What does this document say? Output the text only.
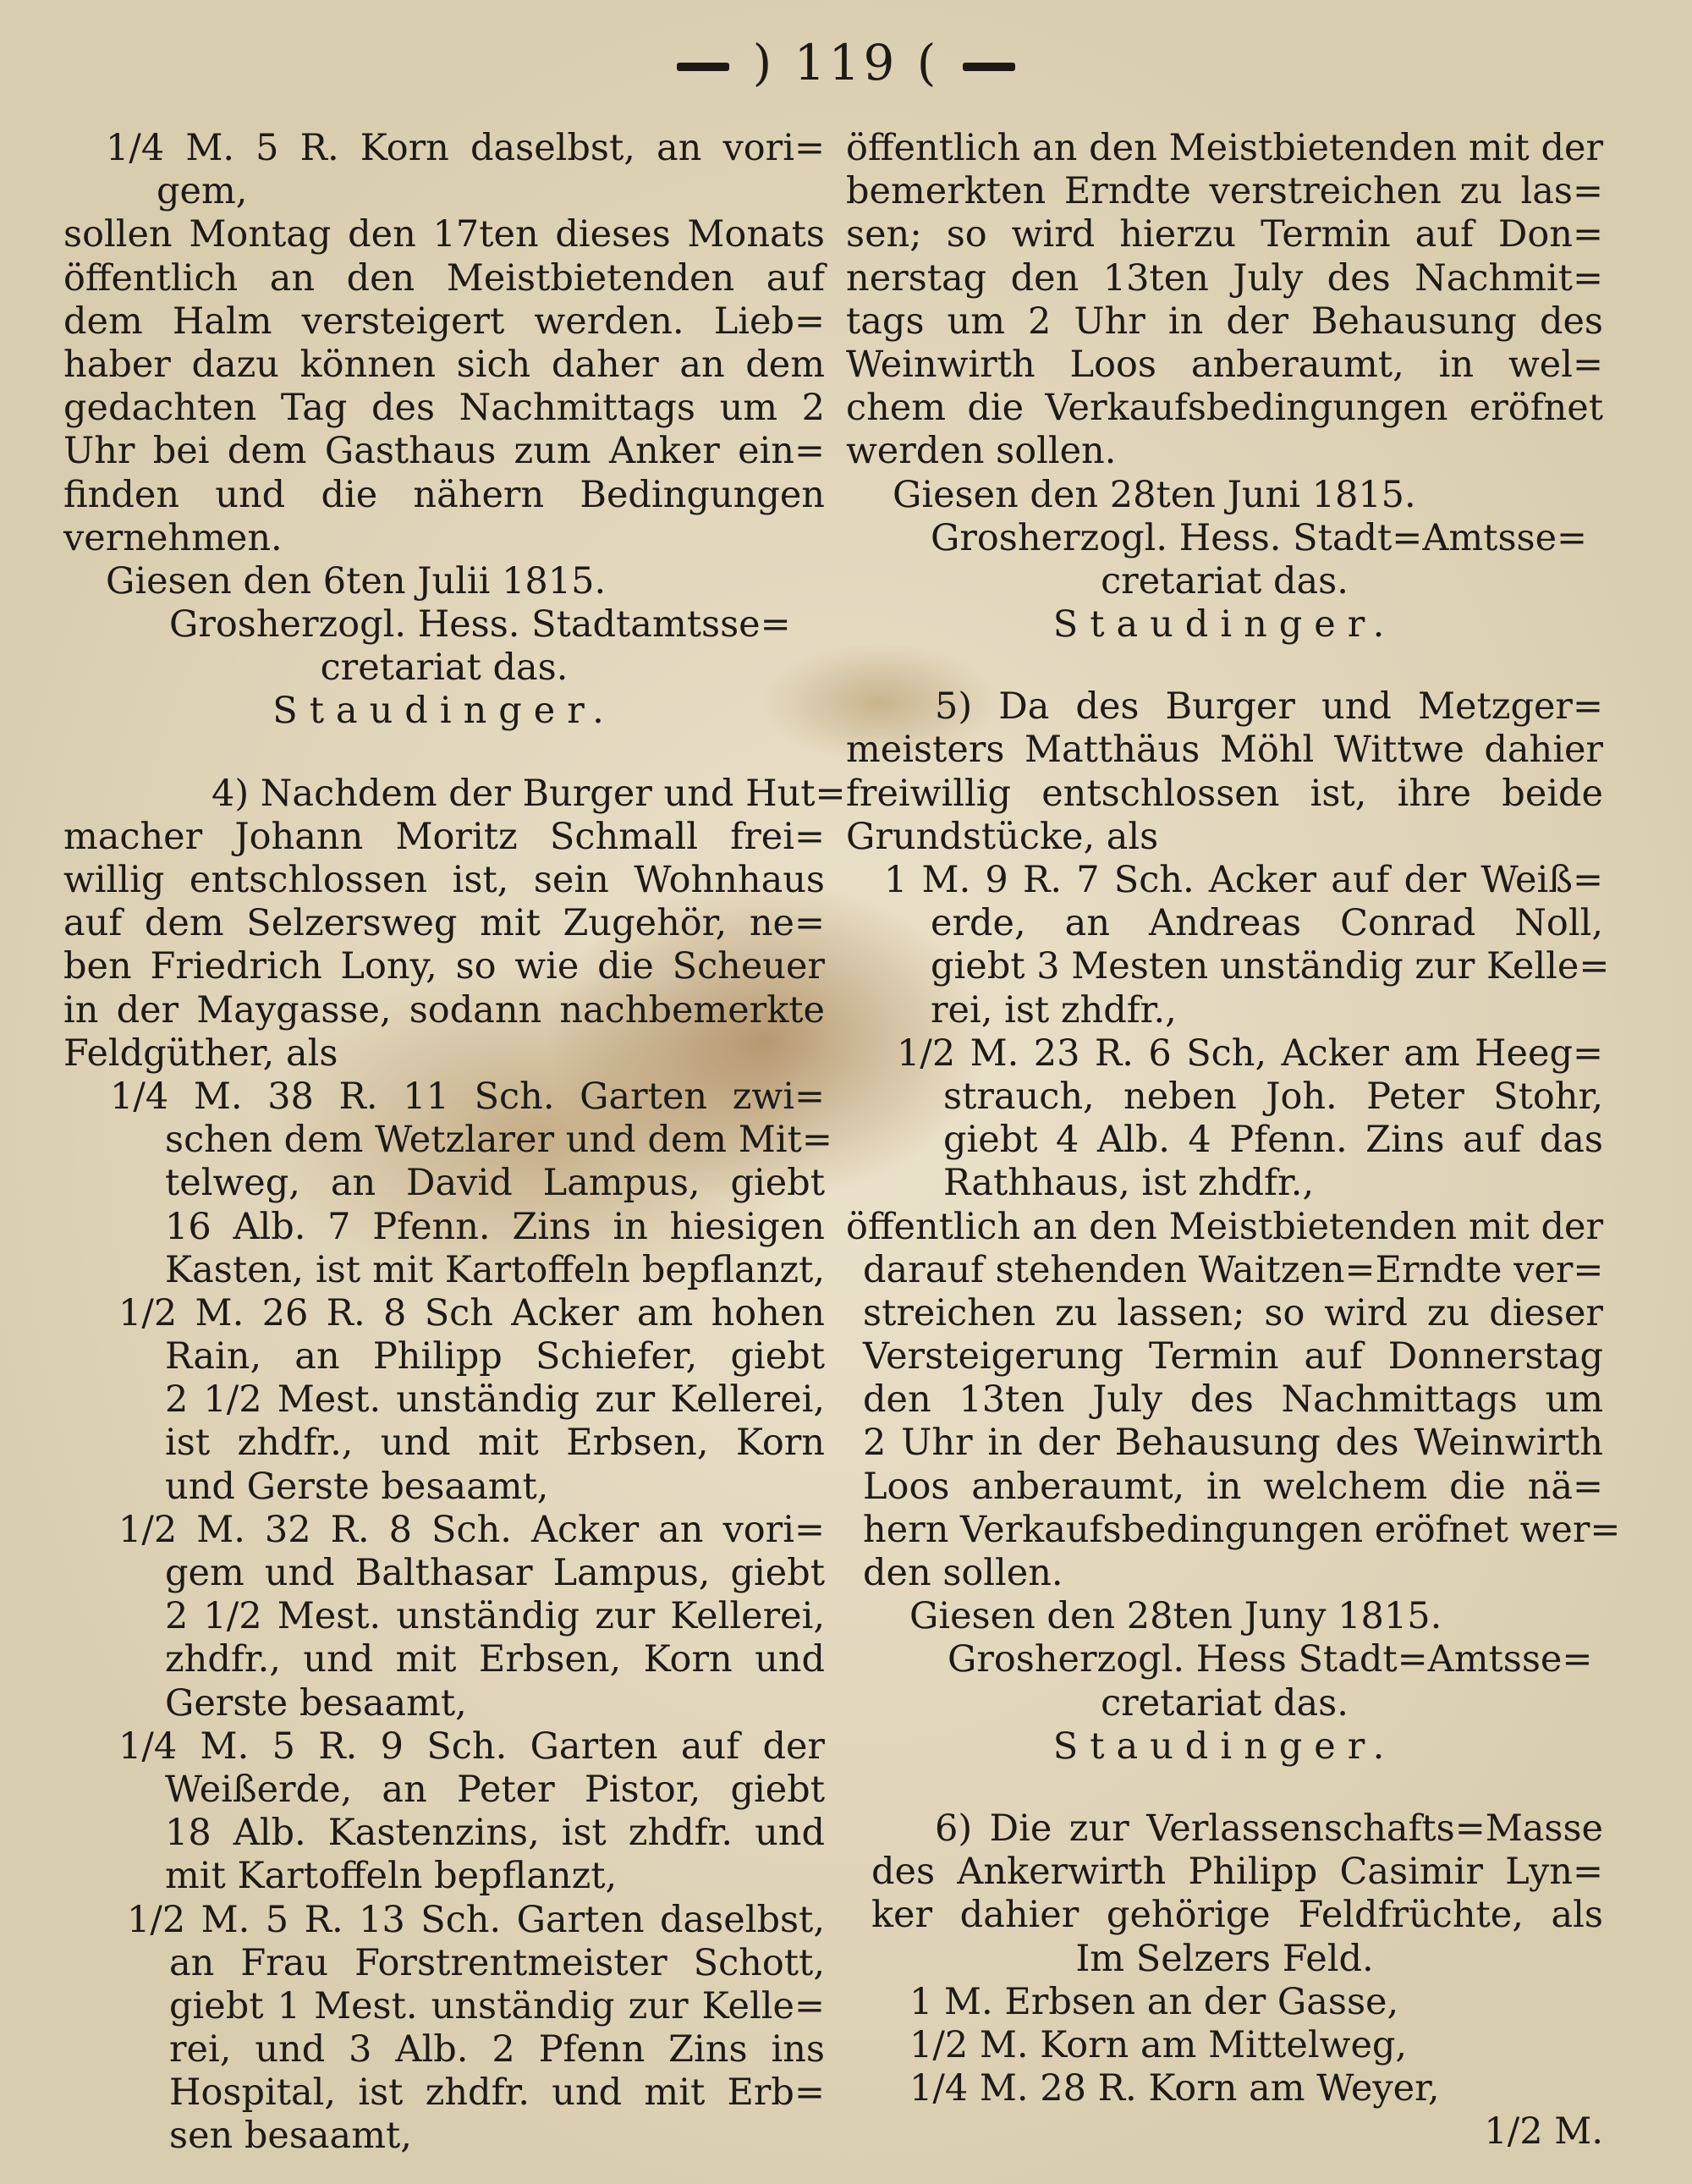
) 119 (
1/4 M. 5 R. Korn daselbst, an vori=
gem,
sollen Montag den 17ten dieses Monats
öffentlich an den Meistbietenden auf
dem Halm versteigert werden. Lieb=
haber dazu können sich daher an dem
gedachten Tag des Nachmittags um 2
Uhr bei dem Gasthaus zum Anker ein=
finden und die nähern Bedingungen
vernehmen.
Giesen den 6ten Julii 1815.
Grosherzogl. Hess. Stadtamtsse=
cretariat das.
Staudinger.
4) Nachdem der Burger und Hut=
macher Johann Moritz Schmall frei=
willig entschlossen ist, sein Wohnhaus
auf dem Selzersweg mit Zugehör, ne=
ben Friedrich Lony, so wie die Scheuer
in der Maygasse, sodann nachbemerkte
Feldgüther, als
1/4 M. 38 R. 11 Sch. Garten zwi=
schen dem Wetzlarer und dem Mit=
telweg, an David Lampus, giebt
16 Alb. 7 Pfenn. Zins in hiesigen
Kasten, ist mit Kartoffeln bepflanzt,
1/2 M. 26 R. 8 Sch Acker am hohen
Rain, an Philipp Schiefer, giebt
2 1/2 Mest. unständig zur Kellerei,
ist zhdfr., und mit Erbsen, Korn
und Gerste besaamt,
1/2 M. 32 R. 8 Sch. Acker an vori=
gem und Balthasar Lampus, giebt
2 1/2 Mest. unständig zur Kellerei,
zhdfr., und mit Erbsen, Korn und
Gerste besaamt,
1/4 M. 5 R. 9 Sch. Garten auf der
Weißerde, an Peter Pistor, giebt
18 Alb. Kastenzins, ist zhdfr. und
mit Kartoffeln bepflanzt,
1/2 M. 5 R. 13 Sch. Garten daselbst,
an Frau Forstrentmeister Schott,
giebt 1 Mest. unständig zur Kelle=
rei, und 3 Alb. 2 Pfenn Zins ins
Hospital, ist zhdfr. und mit Erb=
sen besaamt,
öffentlich an den Meistbietenden mit der
bemerkten Erndte verstreichen zu las=
sen; so wird hierzu Termin auf Don=
nerstag den 13ten July des Nachmit=
tags um 2 Uhr in der Behausung des
Weinwirth Loos anberaumt, in wel=
chem die Verkaufsbedingungen eröfnet
werden sollen.
Giesen den 28ten Juni 1815.
Grosherzogl. Hess. Stadt=Amtsse=
cretariat das.
Staudinger.
5) Da des Burger und Metzger=
meisters Matthäus Möhl Wittwe dahier
freiwillig entschlossen ist, ihre beide
Grundstücke, als
1 M. 9 R. 7 Sch. Acker auf der Weiß=
erde, an Andreas Conrad Noll,
giebt 3 Mesten unständig zur Kelle=
rei, ist zhdfr.,
1/2 M. 23 R. 6 Sch, Acker am Heeg=
strauch, neben Joh. Peter Stohr,
giebt 4 Alb. 4 Pfenn. Zins auf das
Rathhaus, ist zhdfr.,
öffentlich an den Meistbietenden mit der
darauf stehenden Waitzen=Erndte ver=
streichen zu lassen; so wird zu dieser
Versteigerung Termin auf Donnerstag
den 13ten July des Nachmittags um
2 Uhr in der Behausung des Weinwirth
Loos anberaumt, in welchem die nä=
hern Verkaufsbedingungen eröfnet wer=
den sollen.
Giesen den 28ten Juny 1815.
Grosherzogl. Hess Stadt=Amtsse=
cretariat das.
Staudinger.
6) Die zur Verlassenschafts=Masse
des Ankerwirth Philipp Casimir Lyn=
ker dahier gehörige Feldfrüchte, als
Im Selzers Feld.
1 M. Erbsen an der Gasse,
1/2 M. Korn am Mittelweg,
1/4 M. 28 R. Korn am Weyer,
1/2 M.
